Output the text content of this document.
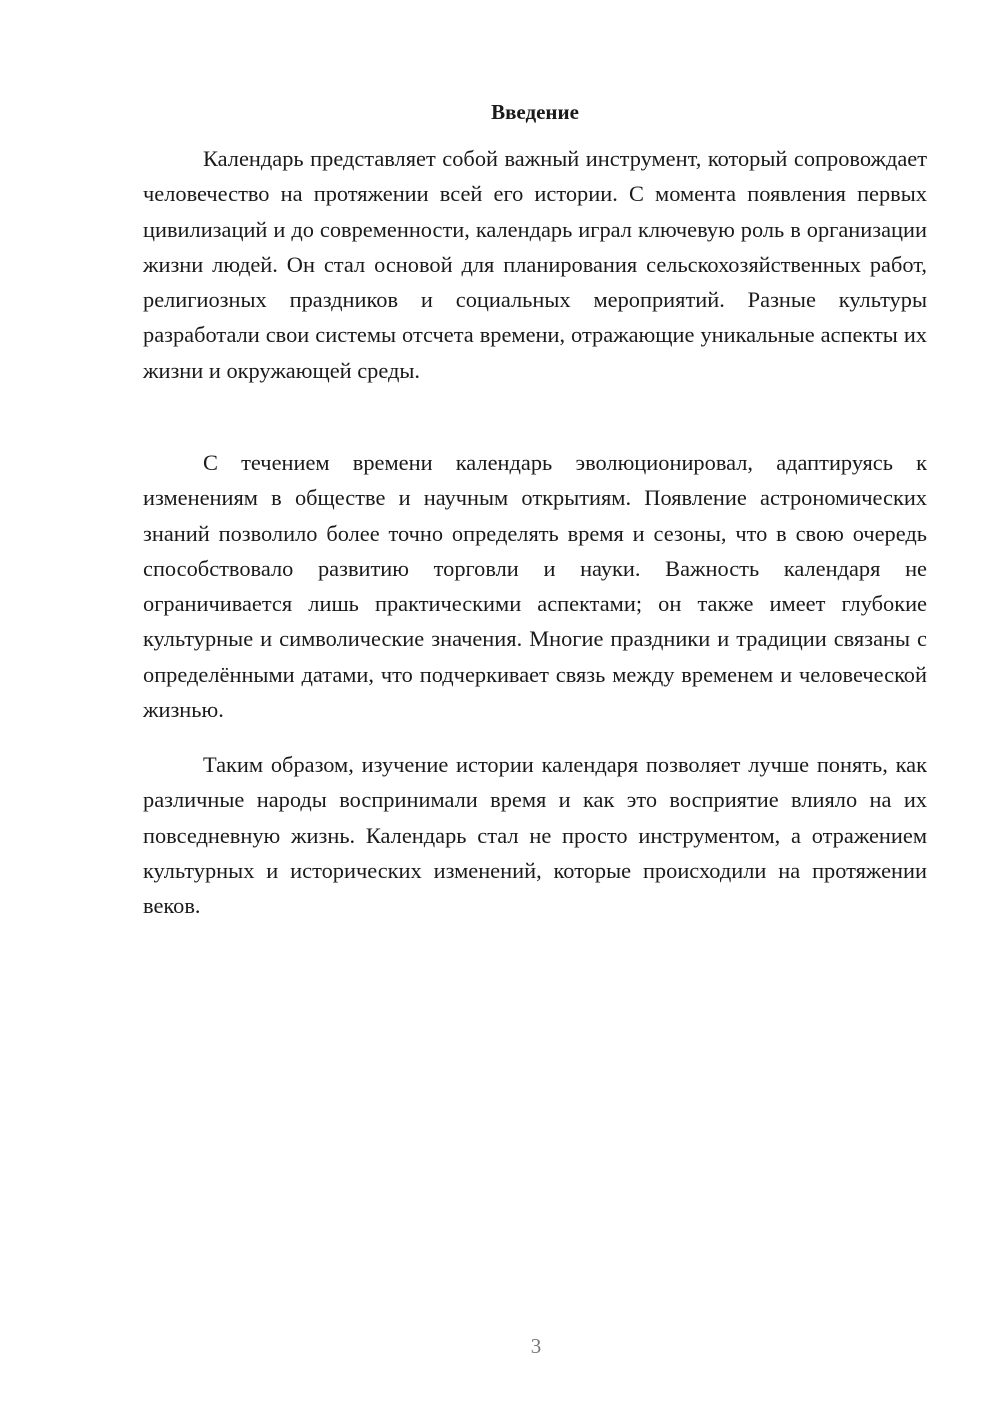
Введение

Календарь представляет собой важный инструмент, который сопровождает человечество на протяжении всей его истории. С момента появления первых цивилизаций и до современности, календарь играл ключевую роль в организации жизни людей. Он стал основой для планирования сельскохозяйственных работ, религиозных праздников и социальных мероприятий. Разные культуры разработали свои системы отсчета времени, отражающие уникальные аспекты их жизни и окружающей среды.

С течением времени календарь эволюционировал, адаптируясь к изменениям в обществе и научным открытиям. Появление астрономических знаний позволило более точно определять время и сезоны, что в свою очередь способствовало развитию торговли и науки. Важность календаря не ограничивается лишь практическими аспектами; он также имеет глубокие культурные и символические значения. Многие праздники и традиции связаны с определёнными датами, что подчеркивает связь между временем и человеческой жизнью.

Таким образом, изучение истории календаря позволяет лучше понять, как различные народы воспринимали время и как это восприятие влияло на их повседневную жизнь. Календарь стал не просто инструментом, а отражением культурных и исторических изменений, которые происходили на протяжении веков.

3
